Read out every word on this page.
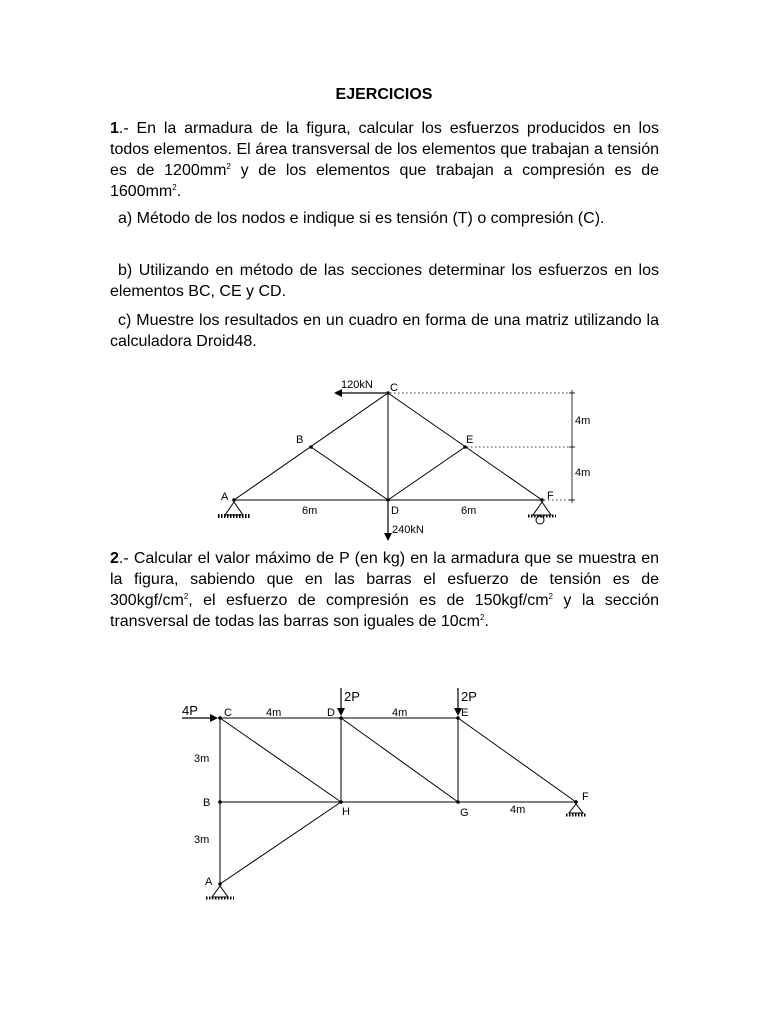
EJERCICIOS
1.- En la armadura de la figura, calcular los esfuerzos producidos en los todos elementos. El área transversal de los elementos que trabajan a tensión es de $1200mm^2$ y de los elementos que trabajan a compresión es de $1600mm^2$.
a) Método de los nodos e indique si es tensión (T) o compresión (C).
b) Utilizando en método de las secciones determinar los esfuerzos en los elementos BC, CE y CD.
c) Muestre los resultados en un cuadro en forma de una matriz utilizando la calculadora Droid48.
A
B
C
D
E
F
120kN
240kN
6m	6m
4m
4m
2.- Calcular el valor máximo de P (en kg) en la armadura que se muestra en la figura, sabiendo que en las barras el esfuerzo de tensión es de $300kgf/cm^2$, el esfuerzo de compresión es de $150kgf/cm^2$ y la sección transversal de todas las barras son iguales de $10cm^2$.
C	D	E
B
H	G
F
A
4m	4m
4m
3m
3m
4P
2P	2P
